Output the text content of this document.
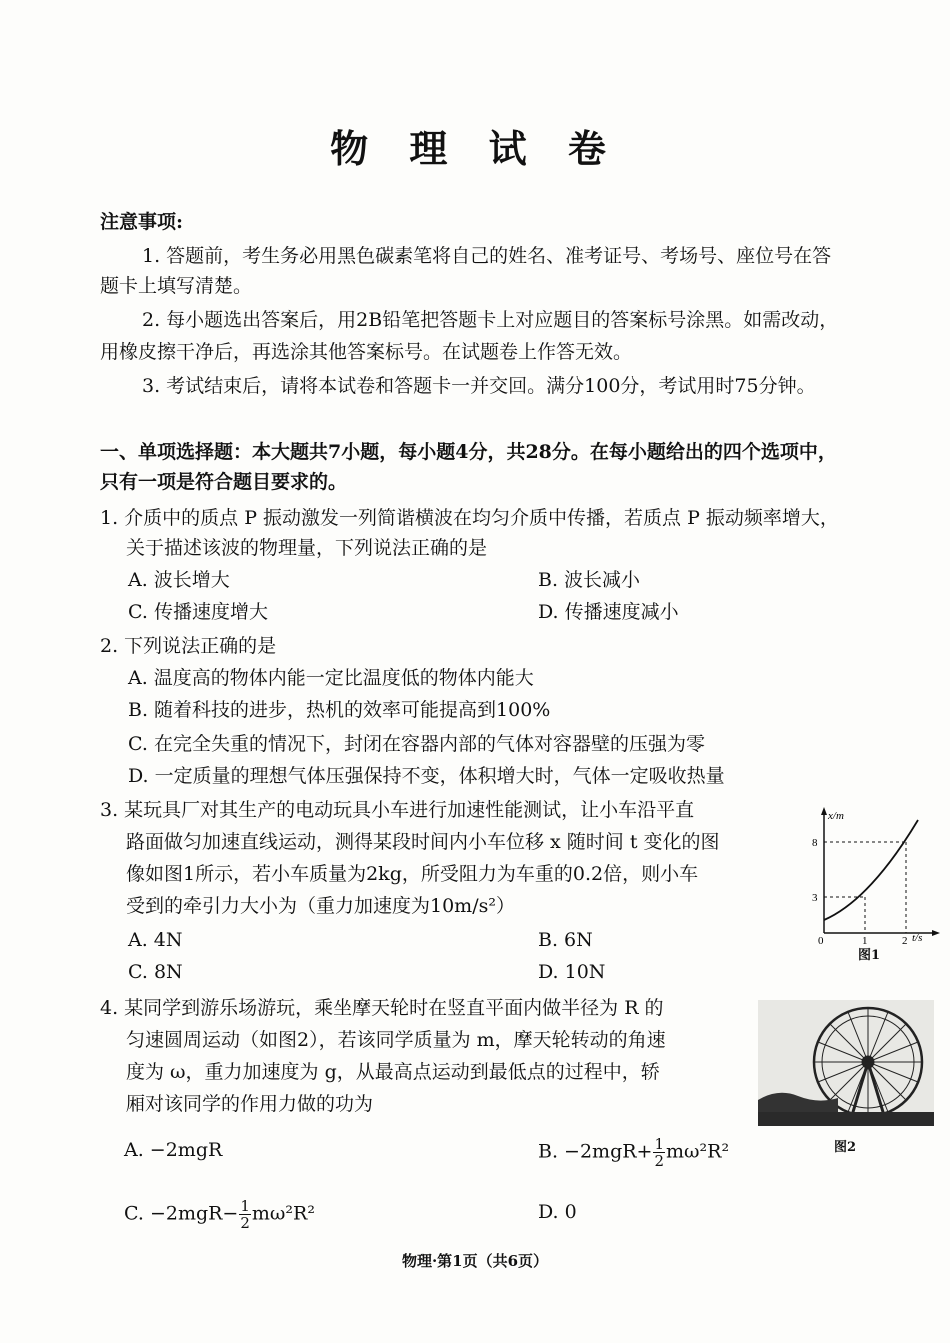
物 理 试 卷
注意事项:
1. 答题前，考生务必用黑色碳素笔将自己的姓名、准考证号、考场号、座位号在答
题卡上填写清楚。
2. 每小题选出答案后，用2B铅笔把答题卡上对应题目的答案标号涂黑。如需改动，
用橡皮擦干净后，再选涂其他答案标号。在试题卷上作答无效。
3. 考试结束后，请将本试卷和答题卡一并交回。满分100分，考试用时75分钟。
一、单项选择题：本大题共7小题，每小题4分，共28分。在每小题给出的四个选项中，
只有一项是符合题目要求的。
1. 介质中的质点 P 振动激发一列简谐横波在均匀介质中传播，若质点 P 振动频率增大，
关于描述该波的物理量，下列说法正确的是
A. 波长增大	B. 波长减小
C. 传播速度增大	D. 传播速度减小
2. 下列说法正确的是
A. 温度高的物体内能一定比温度低的物体内能大
B. 随着科技的进步，热机的效率可能提高到100%
C. 在完全失重的情况下，封闭在容器内部的气体对容器壁的压强为零
D. 一定质量的理想气体压强保持不变，体积增大时，气体一定吸收热量
3. 某玩具厂对其生产的电动玩具小车进行加速性能测试，让小车沿平直
路面做匀加速直线运动，测得某段时间内小车位移 x 随时间 t 变化的图
像如图1所示，若小车质量为2kg，所受阻力为车重的0.2倍，则小车
受到的牵引力大小为（重力加速度为10m/s²）
A. 4N	B. 6N
C. 8N	D. 10N
x/m
t/s
8
3
0	1	2
图1
4. 某同学到游乐场游玩，乘坐摩天轮时在竖直平面内做半径为 R 的
匀速圆周运动（如图2），若该同学质量为 m，摩天轮转动的角速
度为 ω，重力加速度为 g，从最高点运动到最低点的过程中，轿
厢对该同学的作用力做的功为
A. −2mgR	B. $-2mgR+ \frac{1}{2} m\omega^2R^2$
C. $-2mgR- \frac{1}{2} m\omega^2R^2$	D. 0
图2
物理·第1页（共6页）
